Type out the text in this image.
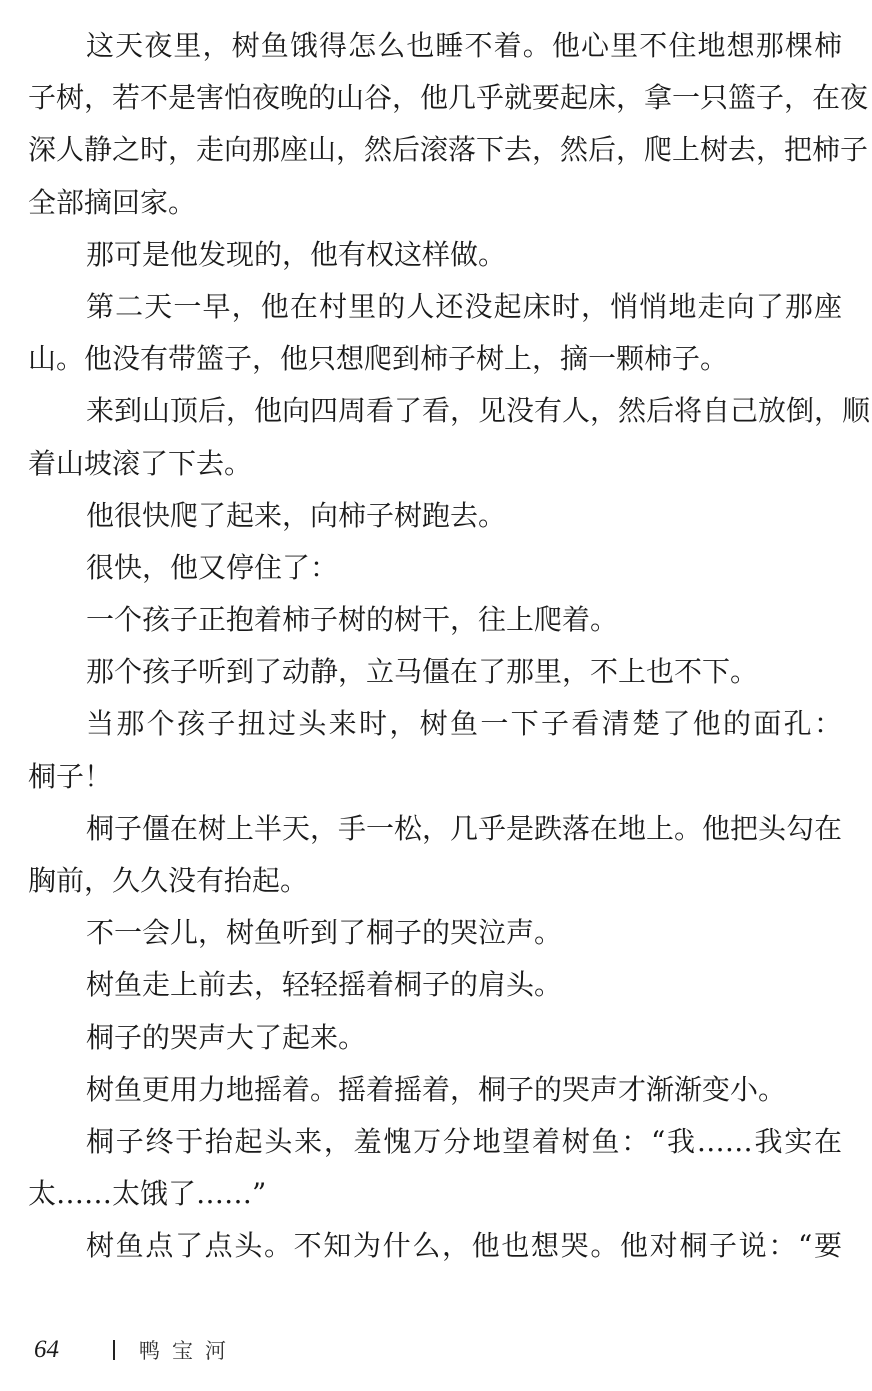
这天夜里，树鱼饿得怎么也睡不着。他心里不住地想那棵柿
子树，若不是害怕夜晚的山谷，他几乎就要起床，拿一只篮子，在夜
深人静之时，走向那座山，然后滚落下去，然后，爬上树去，把柿子
全部摘回家。
那可是他发现的，他有权这样做。
第二天一早，他在村里的人还没起床时，悄悄地走向了那座
山。他没有带篮子，他只想爬到柿子树上，摘一颗柿子。
来到山顶后，他向四周看了看，见没有人，然后将自己放倒，顺
着山坡滚了下去。
他很快爬了起来，向柿子树跑去。
很快，他又停住了：
一个孩子正抱着柿子树的树干，往上爬着。
那个孩子听到了动静，立马僵在了那里，不上也不下。
当那个孩子扭过头来时，树鱼一下子看清楚了他的面孔：
桐子！
桐子僵在树上半天，手一松，几乎是跌落在地上。他把头勾在
胸前，久久没有抬起。
不一会儿，树鱼听到了桐子的哭泣声。
树鱼走上前去，轻轻摇着桐子的肩头。
桐子的哭声大了起来。
树鱼更用力地摇着。摇着摇着，桐子的哭声才渐渐变小。
桐子终于抬起头来，羞愧万分地望着树鱼：“我……我实在
太……太饿了……”
树鱼点了点头。不知为什么，他也想哭。他对桐子说：“要
64	鸭宝河
